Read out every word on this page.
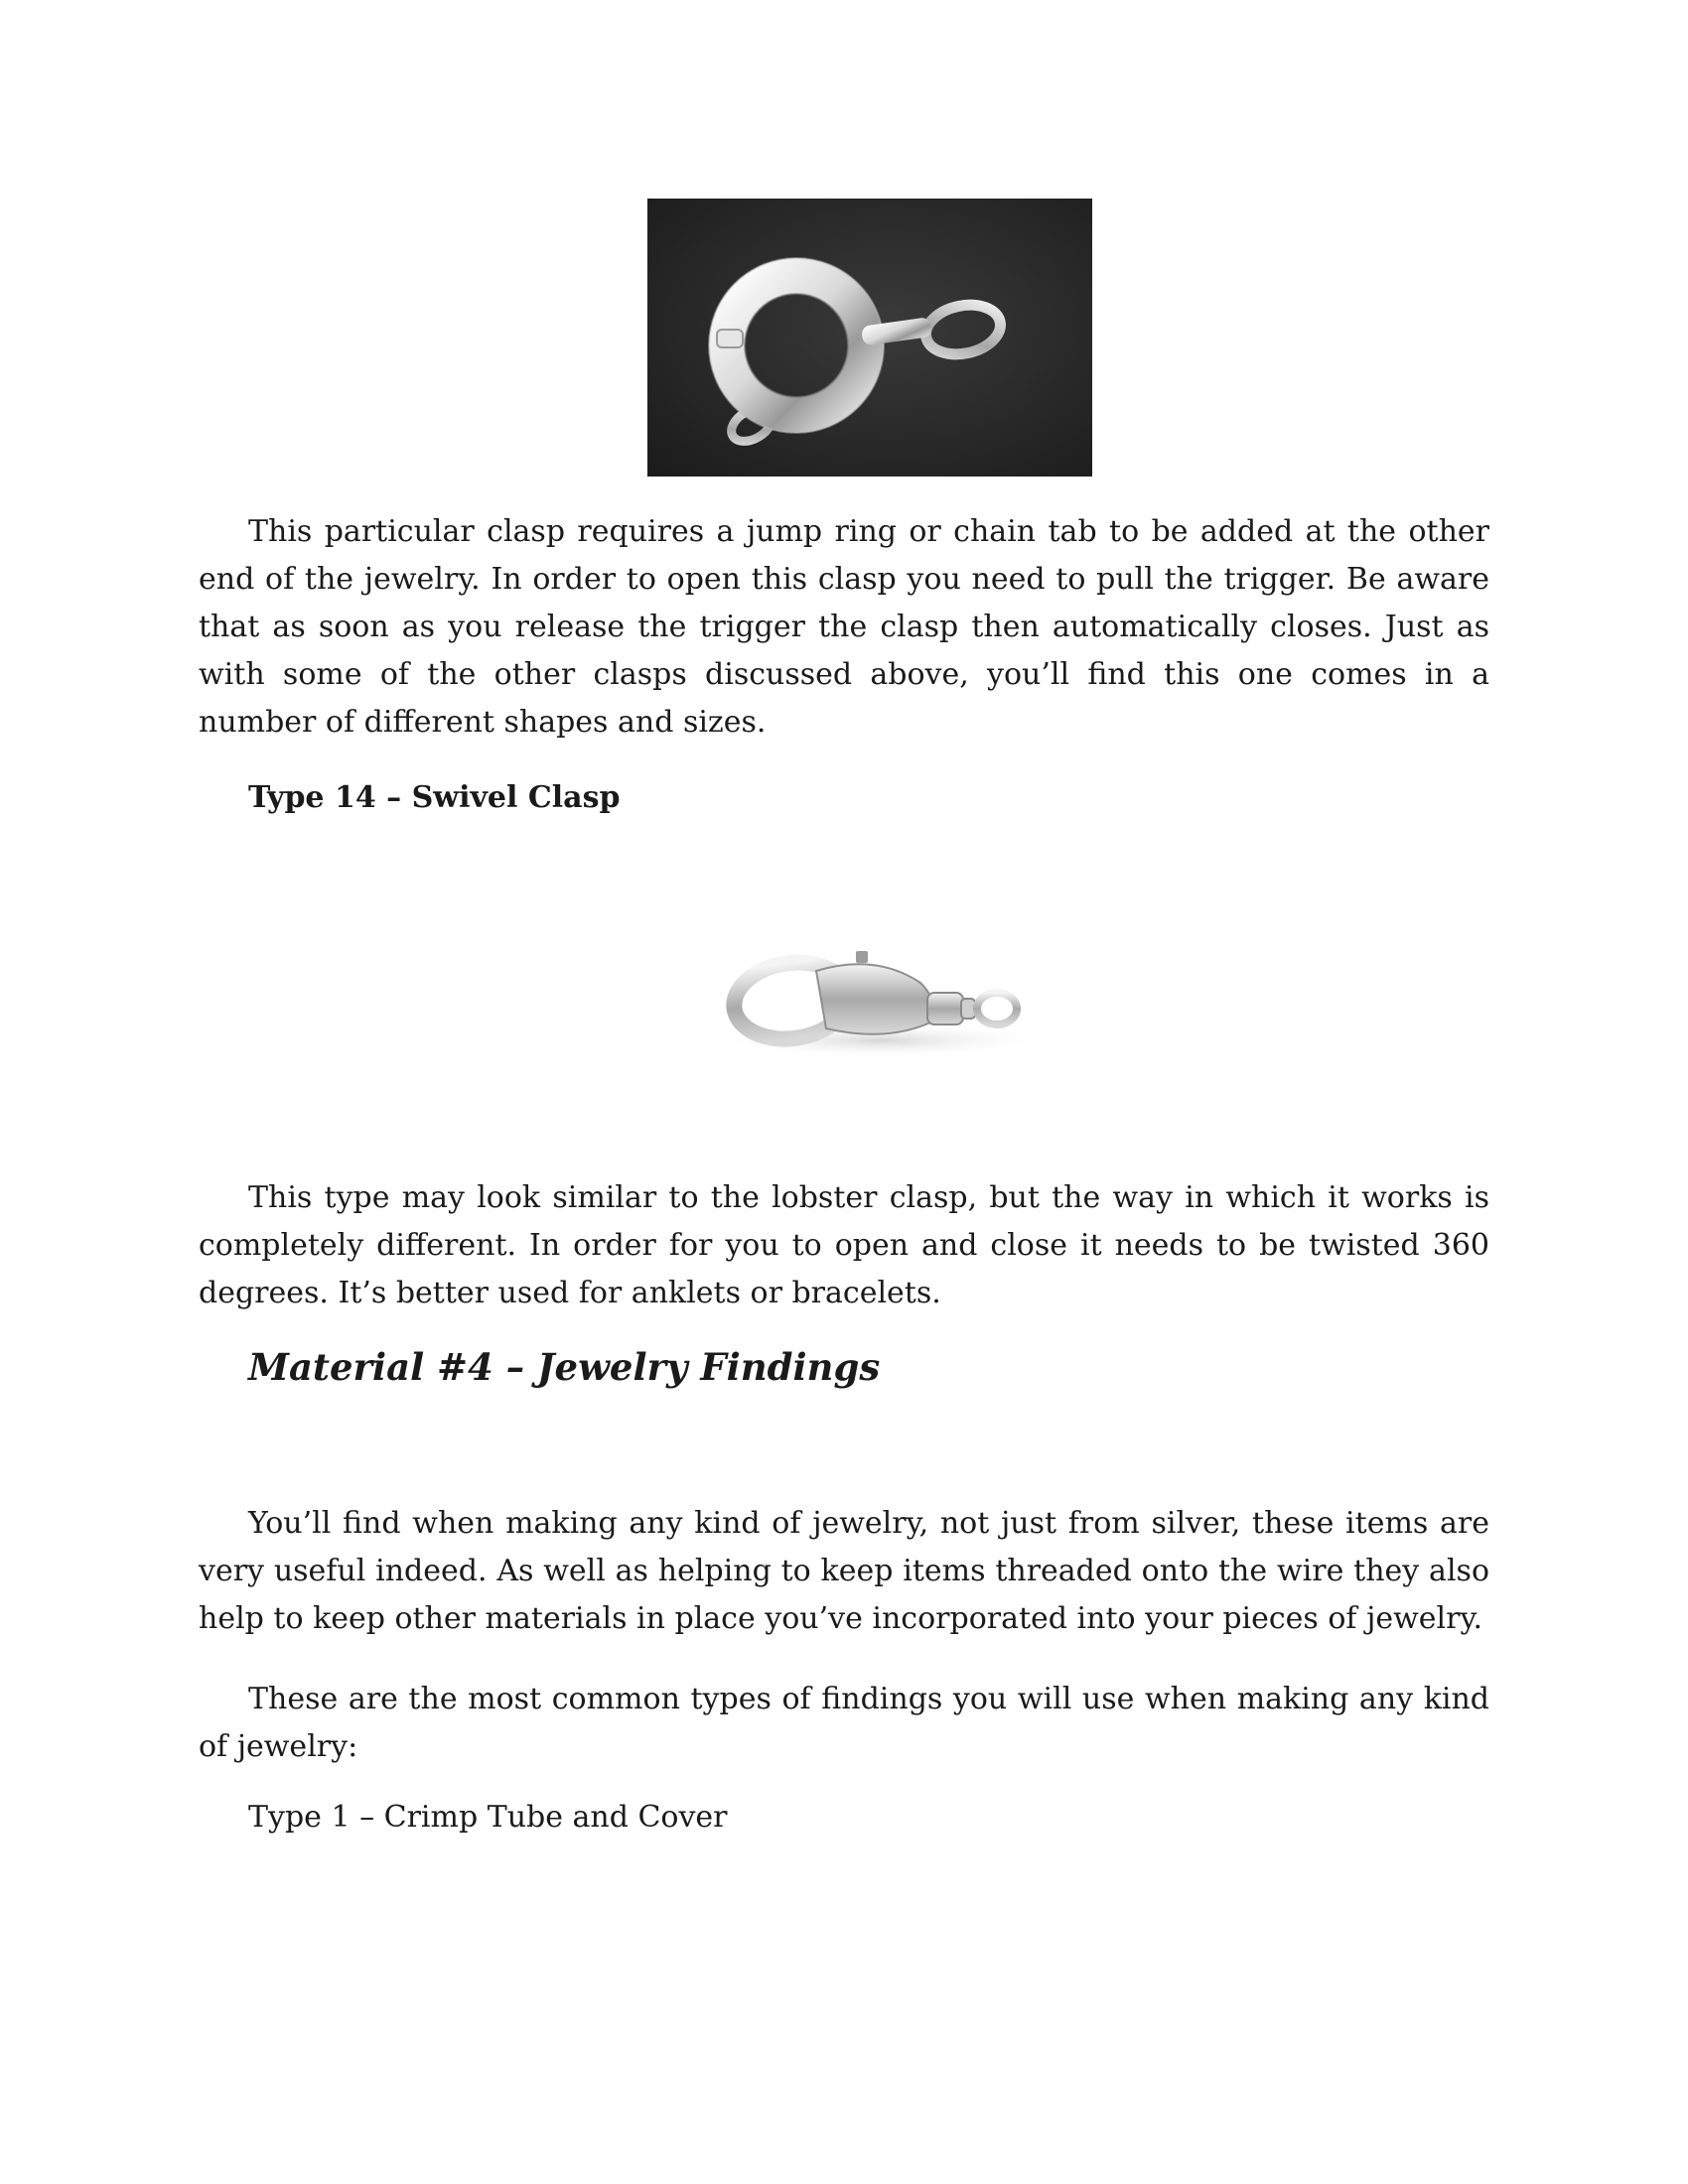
This particular clasp requires a jump ring or chain tab to be added at the other end of the jewelry. In order to open this clasp you need to pull the trigger. Be aware that as soon as you release the trigger the clasp then automatically closes. Just as with some of the other clasps discussed above, you’ll find this one comes in a number of different shapes and sizes.

Type 14 – Swivel Clasp

This type may look similar to the lobster clasp, but the way in which it works is completely different. In order for you to open and close it needs to be twisted 360 degrees. It’s better used for anklets or bracelets.

Material #4 – Jewelry Findings

You’ll find when making any kind of jewelry, not just from silver, these items are very useful indeed. As well as helping to keep items threaded onto the wire they also help to keep other materials in place you’ve incorporated into your pieces of jewelry.

These are the most common types of findings you will use when making any kind of jewelry:

Type 1 – Crimp Tube and Cover
